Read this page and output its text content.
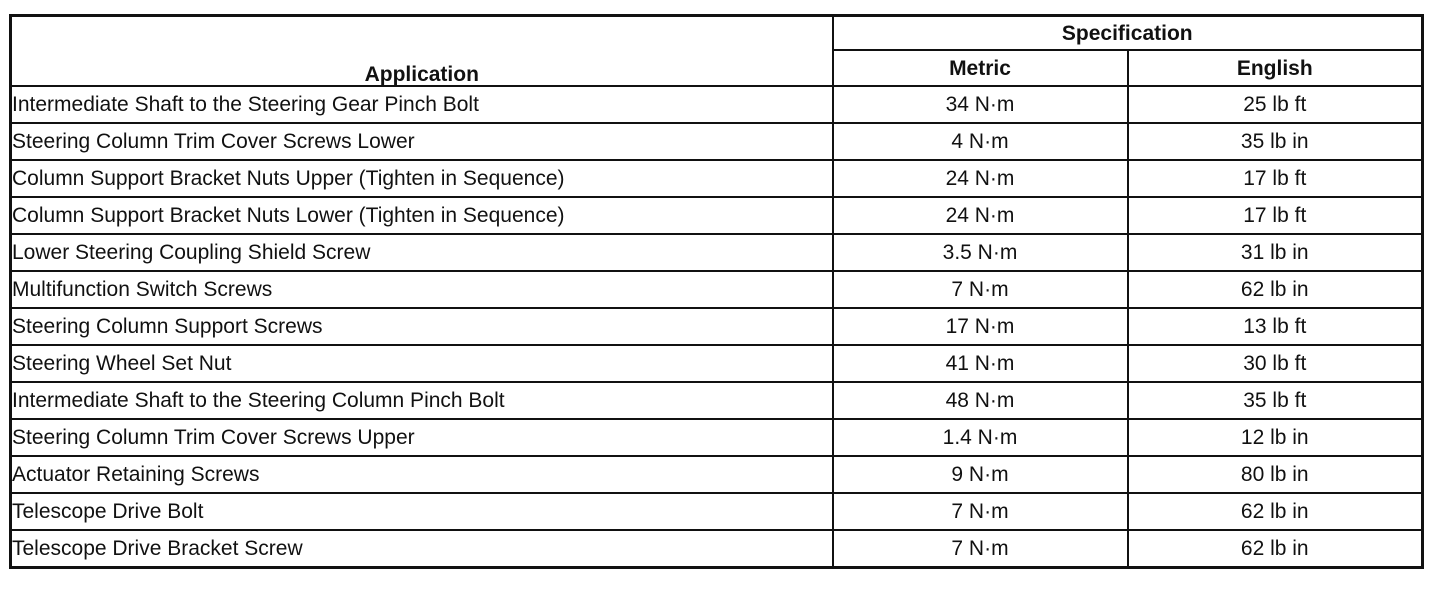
Application	Specification	
	Metric	English
Intermediate Shaft to the Steering Gear Pinch Bolt	34 N·m	25 lb ft
Steering Column Trim Cover Screws Lower	4 N·m	35 lb in
Column Support Bracket Nuts Upper (Tighten in Sequence)	24 N·m	17 lb ft
Column Support Bracket Nuts Lower (Tighten in Sequence)	24 N·m	17 lb ft
Lower Steering Coupling Shield Screw	3.5 N·m	31 lb in
Multifunction Switch Screws	7 N·m	62 lb in
Steering Column Support Screws	17 N·m	13 lb ft
Steering Wheel Set Nut	41 N·m	30 lb ft
Intermediate Shaft to the Steering Column Pinch Bolt	48 N·m	35 lb ft
Steering Column Trim Cover Screws Upper	1.4 N·m	12 lb in
Actuator Retaining Screws	9 N·m	80 lb in
Telescope Drive Bolt	7 N·m	62 lb in
Telescope Drive Bracket Screw	7 N·m	62 lb in
